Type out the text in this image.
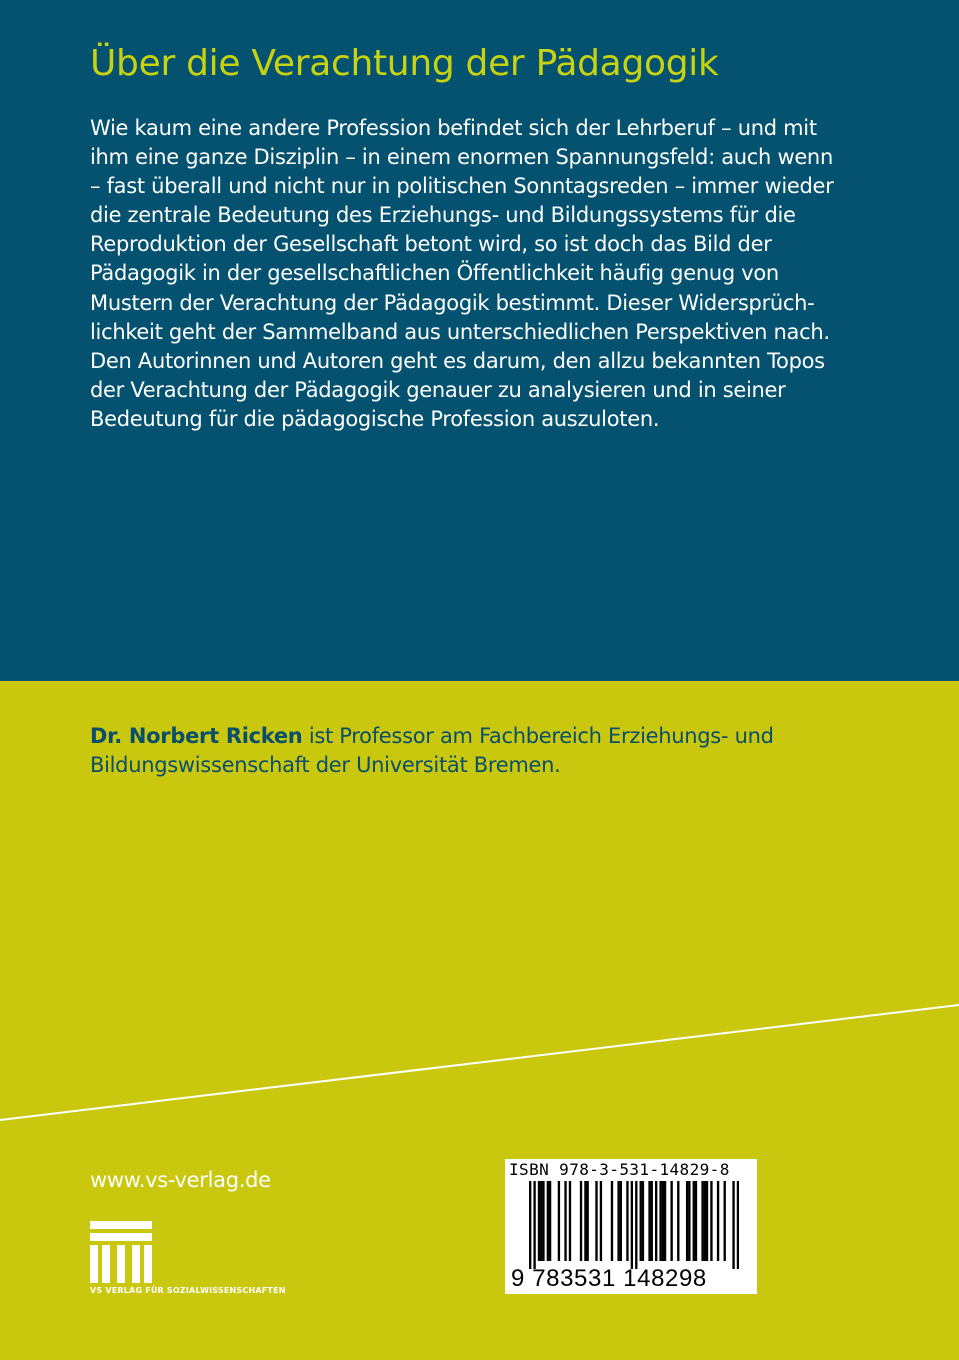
Über die Verachtung der Pädagogik
Wie kaum eine andere Profession befindet sich der Lehrberuf – und mit
ihm eine ganze Disziplin – in einem enormen Spannungsfeld: auch wenn
– fast überall und nicht nur in politischen Sonntagsreden – immer wieder
die zentrale Bedeutung des Erziehungs- und Bildungssystems für die
Reproduktion der Gesellschaft betont wird, so ist doch das Bild der
Pädagogik in der gesellschaftlichen Öffentlichkeit häufig genug von
Mustern der Verachtung der Pädagogik bestimmt. Dieser Widersprüch-
lichkeit geht der Sammelband aus unterschiedlichen Perspektiven nach.
Den Autorinnen und Autoren geht es darum, den allzu bekannten Topos
der Verachtung der Pädagogik genauer zu analysieren und in seiner
Bedeutung für die pädagogische Profession auszuloten.
Dr. Norbert Ricken ist Professor am Fachbereich Erziehungs- und
Bildungswissenschaft der Universität Bremen.
www.vs-verlag.de
VS VERLAG FÜR SOZIALWISSENSCHAFTEN
ISBN 978-3-531-14829-8
9 783531 148298
